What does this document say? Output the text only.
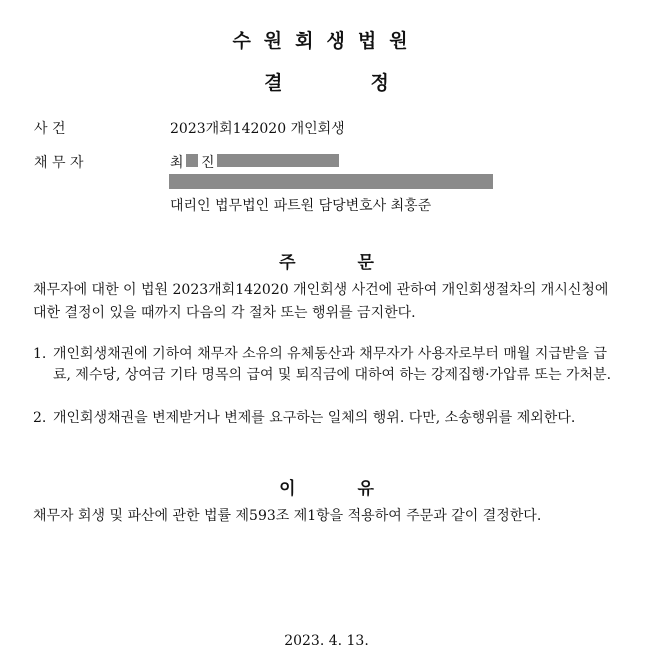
수원회생법원
결	정
사 건	2023개회142020 개인회생
채 무 자	최 진
대리인 법무법인 파트원 담당변호사 최홍준
주	문
채무자에 대한 이 법원 2023개회142020 개인회생 사건에 관하여 개인회생절차의 개시신청에 대한 결정이 있을 때까지 다음의 각 절차 또는 행위를 금지한다.
1. 개인회생채권에 기하여 채무자 소유의 유체동산과 채무자가 사용자로부터 매월 지급받을 급료, 제수당, 상여금 기타 명목의 급여 및 퇴직금에 대하여 하는 강제집행·가압류 또는 가처분.
2. 개인회생채권을 변제받거나 변제를 요구하는 일체의 행위. 다만, 소송행위를 제외한다.
이	유
채무자 회생 및 파산에 관한 법률 제593조 제1항을 적용하여 주문과 같이 결정한다.
2023. 4. 13.
